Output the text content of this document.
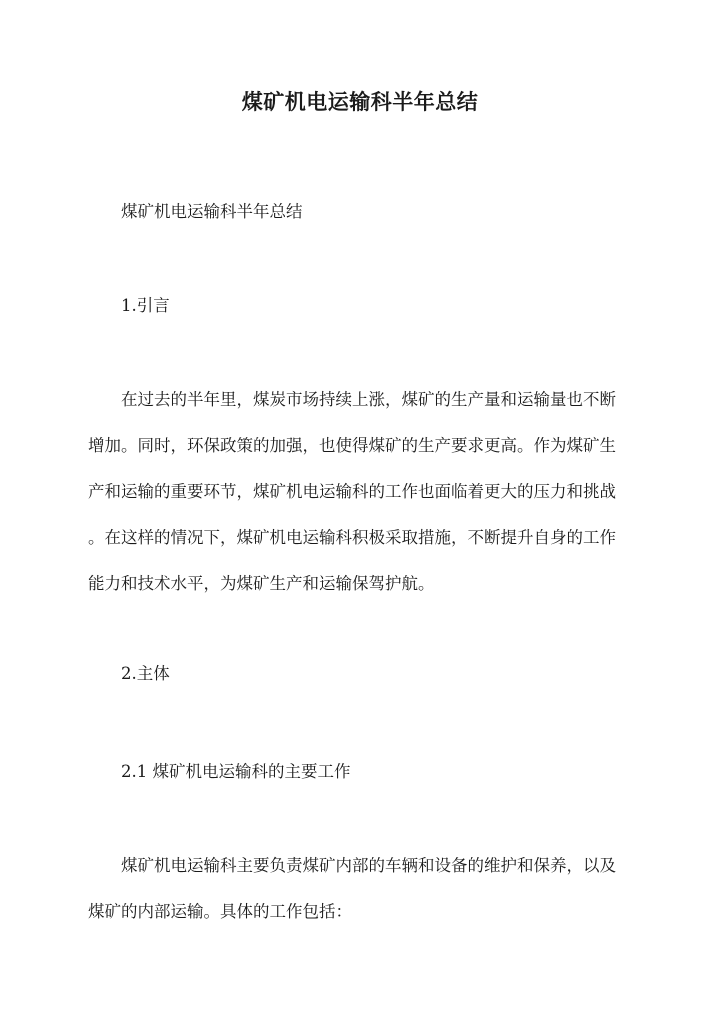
煤矿机电运输科半年总结
煤矿机电运输科半年总结
1.引言
在过去的半年里，煤炭市场持续上涨，煤矿的生产量和运输量也不断
增加。同时，环保政策的加强，也使得煤矿的生产要求更高。作为煤矿生
产和运输的重要环节，煤矿机电运输科的工作也面临着更大的压力和挑战
。在这样的情况下，煤矿机电运输科积极采取措施，不断提升自身的工作
能力和技术水平，为煤矿生产和运输保驾护航。
2.主体
2.1 煤矿机电运输科的主要工作
煤矿机电运输科主要负责煤矿内部的车辆和设备的维护和保养，以及
煤矿的内部运输。具体的工作包括：
